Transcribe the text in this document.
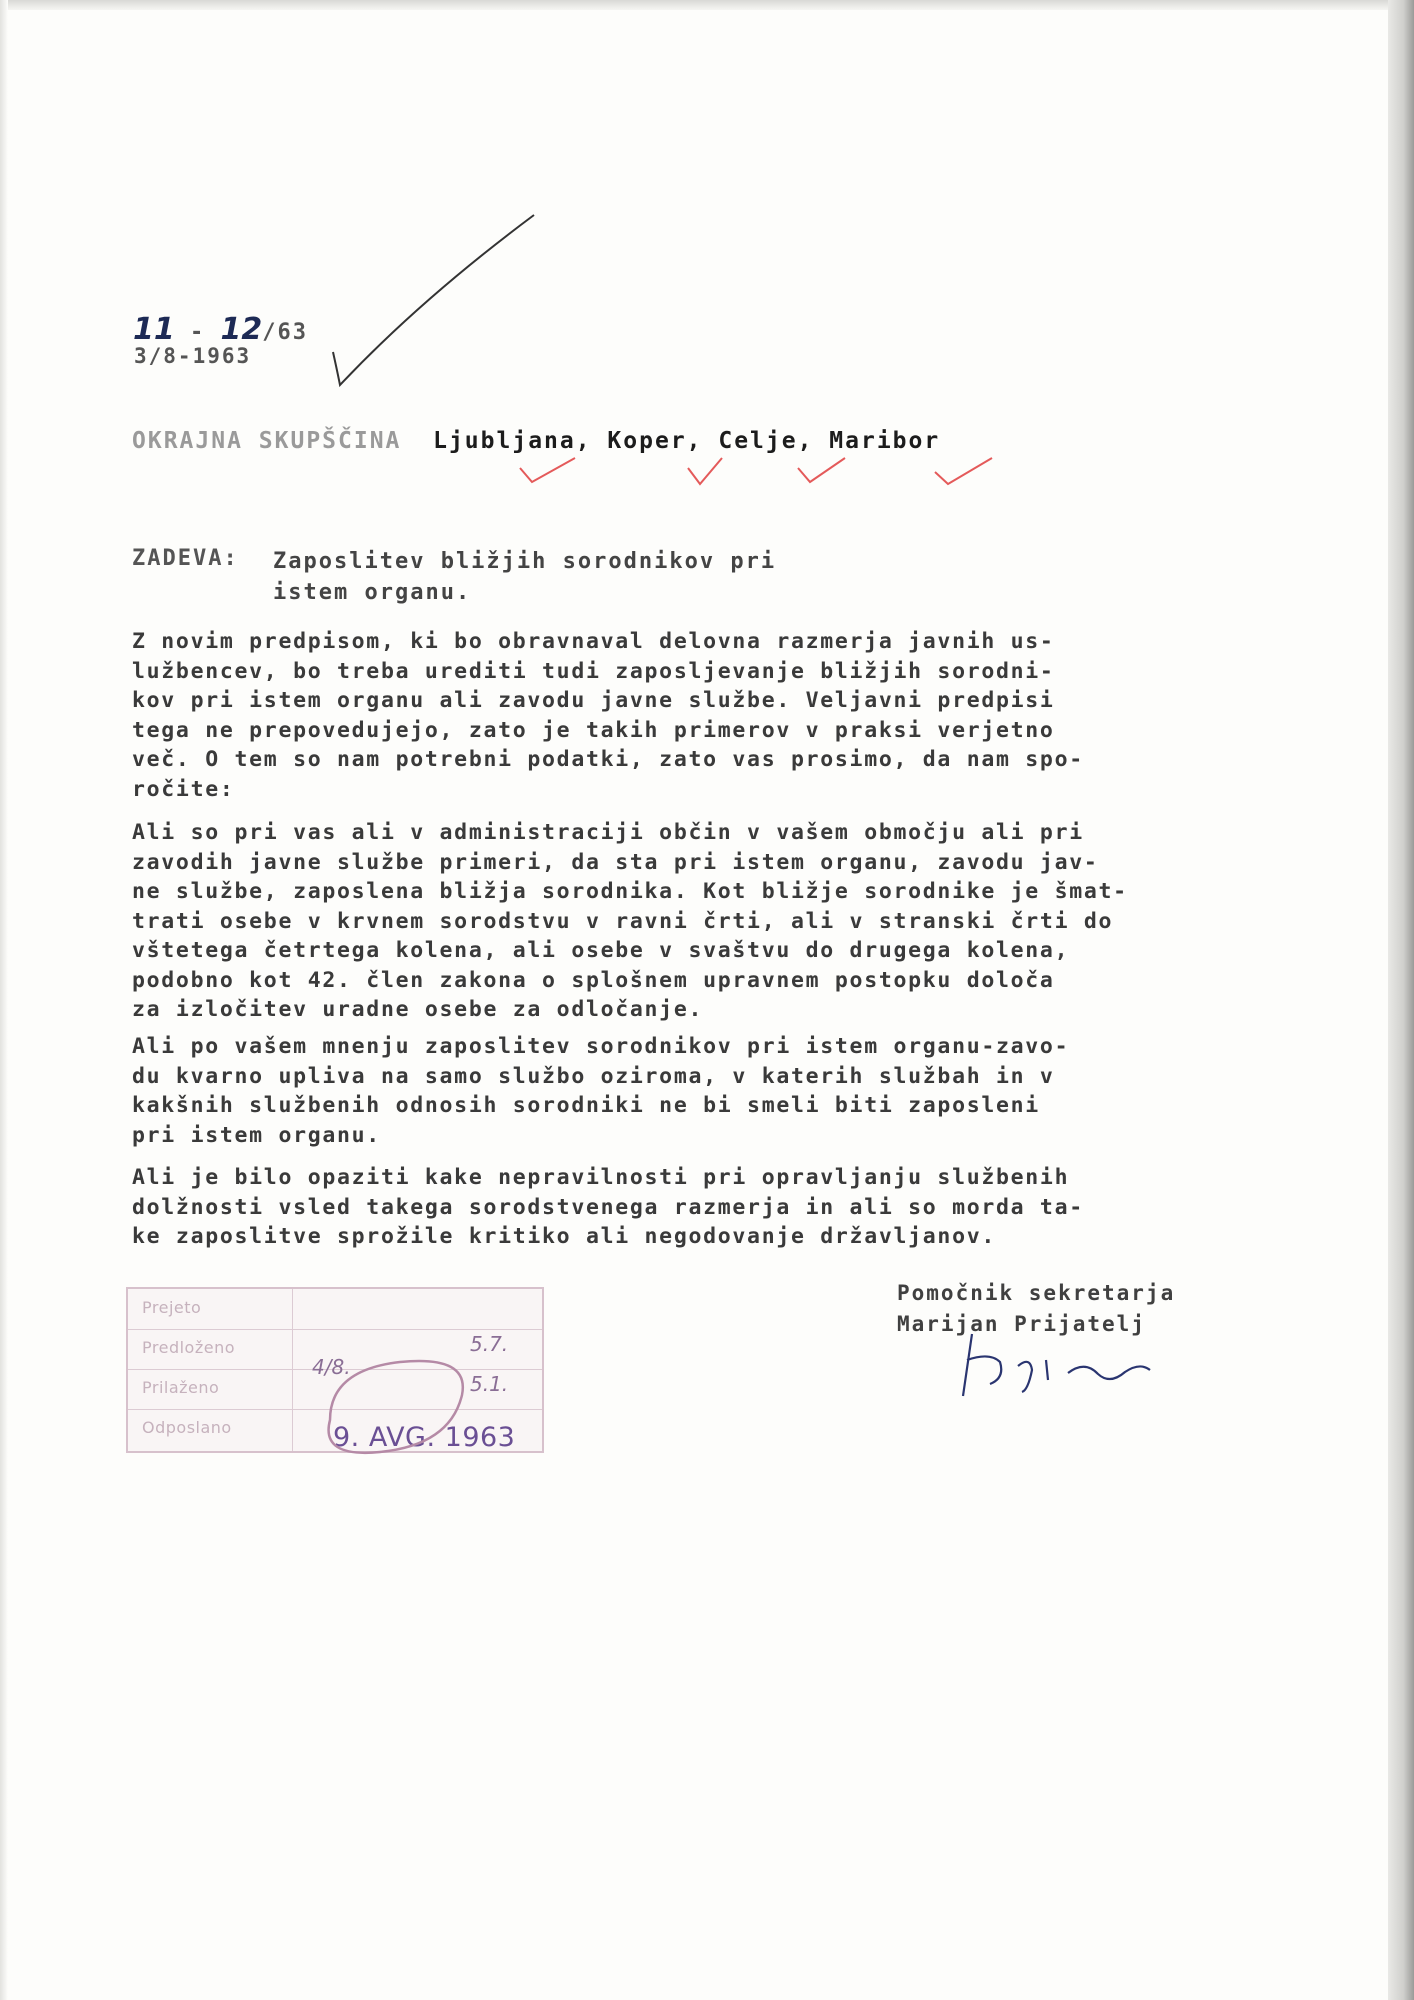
11 - 12/63
3/8-1963
OKRAJNA SKUPŠČINA Ljubljana, Koper, Celje, Maribor
ZADEVA: Zaposlitev bližjih sorodnikov pri
istem organu.
Z novim predpisom, ki bo obravnaval delovna razmerja javnih us-
lužbencev, bo treba urediti tudi zaposljevanje bližjih sorodni-
kov pri istem organu ali zavodu javne službe. Veljavni predpisi
tega ne prepovedujejo, zato je takih primerov v praksi verjetno
več. O tem so nam potrebni podatki, zato vas prosimo, da nam spo-
ročite:
Ali so pri vas ali v administraciji občin v vašem območju ali pri
zavodih javne službe primeri, da sta pri istem organu, zavodu jav-
ne službe, zaposlena bližja sorodnika. Kot bližje sorodnike je šmat-
trati osebe v krvnem sorodstvu v ravni črti, ali v stranski črti do
vštetega četrtega kolena, ali osebe v svaštvu do drugega kolena,
podobno kot 42. člen zakona o splošnem upravnem postopku določa
za izločitev uradne osebe za odločanje.
Ali po vašem mnenju zaposlitev sorodnikov pri istem organu-zavo-
du kvarno upliva na samo službo oziroma, v katerih službah in v
kakšnih službenih odnosih sorodniki ne bi smeli biti zaposleni
pri istem organu.
Ali je bilo opaziti kake nepravilnosti pri opravljanju službenih
dolžnosti vsled takega sorodstvenega razmerja in ali so morda ta-
ke zaposlitve sprožile kritiko ali negodovanje državljanov.
Pomočnik sekretarja
Marijan Prijatelj
Prejeto
Predloženo
Prilaženo
Odposlano
4/8.
5.7.
5.1.
9. AVG. 1963
